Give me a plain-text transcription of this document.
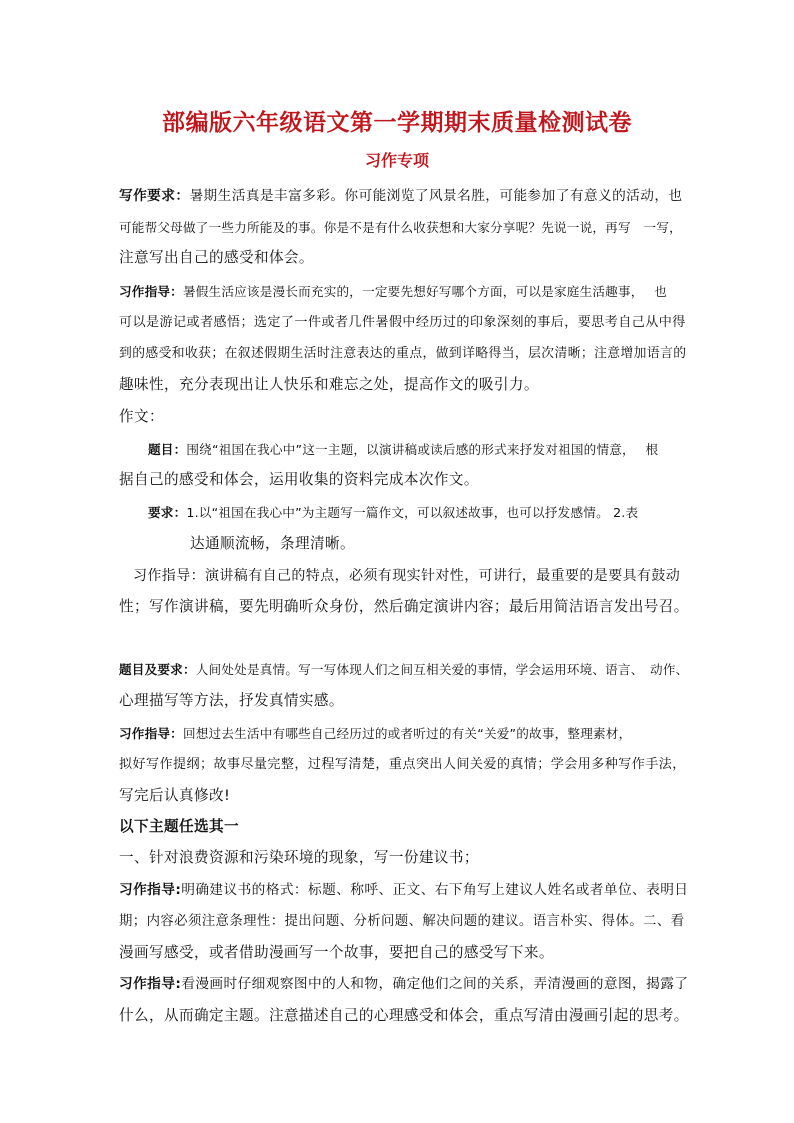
部编版六年级语文第一学期期末质量检测试卷
习作专项
写作要求：暑期生活真是丰富多彩。你可能浏览了风景名胜，可能参加了有意义的活动，也
可能帮父母做了一些力所能及的事。你是不是有什么收获想和大家分享呢？先说一说，再写　一写，
注意写出自己的感受和体会。
习作指导：暑假生活应该是漫长而充实的，一定要先想好写哪个方面，可以是家庭生活趣事，　 也
可以是游记或者感悟；选定了一件或者几件暑假中经历过的印象深刻的事后，要思考自己从中得
到的感受和收获；在叙述假期生活时注意表达的重点，做到详略得当，层次清晰；注意增加语言的
趣味性，充分表现出让人快乐和难忘之处，提高作文的吸引力。
作文：
题目：围绕“祖国在我心中”这一主题，以演讲稿或读后感的形式来抒发对祖国的情意，　 根
据自己的感受和体会，运用收集的资料完成本次作文。
要求：1.以“祖国在我心中”为主题写一篇作文，可以叙述故事，也可以抒发感情。 2.表
达通顺流畅，条理清晰。
习作指导：演讲稿有自己的特点，必须有现实针对性，可讲行，最重要的是要具有鼓动
性；写作演讲稿，要先明确听众身份，然后确定演讲内容；最后用简洁语言发出号召。
题目及要求：人间处处是真情。写一写体现人们之间互相关爱的事情，学会运用环境、语言、　动作、
心理描写等方法，抒发真情实感。
习作指导：回想过去生活中有哪些自己经历过的或者听过的有关“关爱”的故事，整理素材，
拟好写作提纲；故事尽量完整，过程写清楚，重点突出人间关爱的真情；学会用多种写作手法，
写完后认真修改!
以下主题任选其一
一、针对浪费资源和污染环境的现象，写一份建议书；
习作指导:明确建议书的格式：标题、称呼、正文、右下角写上建议人姓名或者单位、表明日
期；内容必须注意条理性：提出问题、分析问题、解决问题的建议。语言朴实、得体。二、看
漫画写感受，或者借助漫画写一个故事，要把自己的感受写下来。
习作指导:看漫画时仔细观察图中的人和物，确定他们之间的关系，弄清漫画的意图，揭露了
什么，从而确定主题。注意描述自己的心理感受和体会，重点写清由漫画引起的思考。
